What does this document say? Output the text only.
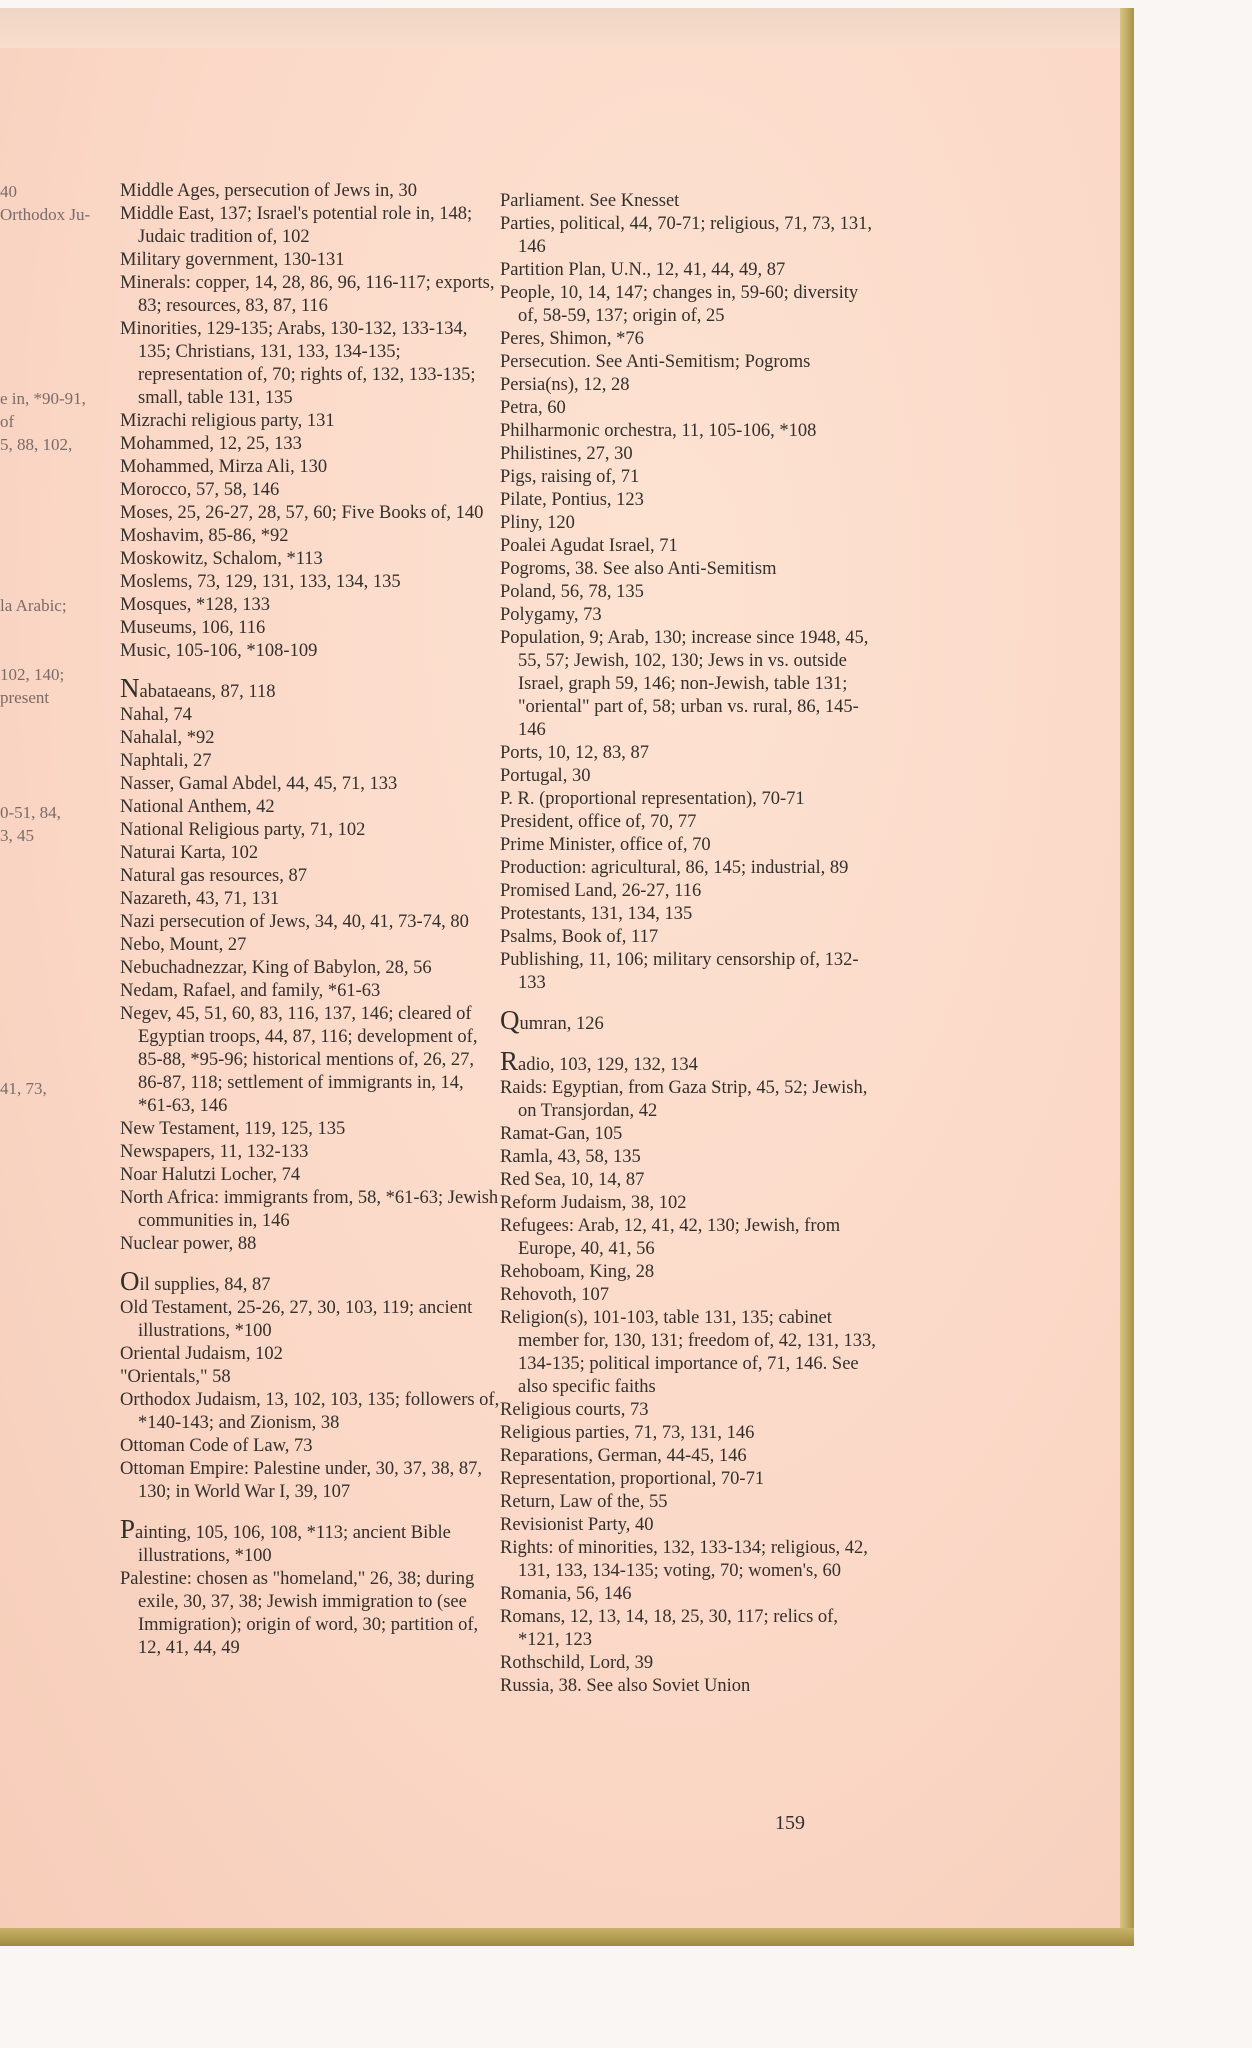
40
Orthodox Ju-
e in, *90-91,
of
5, 88, 102,
la Arabic;
102, 140;
present
0-51, 84,
3, 45
41, 73,
Middle Ages, persecution of Jews in, 30
Middle East, 137; Israel's potential role in, 148; Judaic tradition of, 102
Military government, 130-131
Minerals: copper, 14, 28, 86, 96, 116-117; exports, 83; resources, 83, 87, 116
Minorities, 129-135; Arabs, 130-132, 133-134, 135; Christians, 131, 133, 134-135; representation of, 70; rights of, 132, 133-135; small, table 131, 135
Mizrachi religious party, 131
Mohammed, 12, 25, 133
Mohammed, Mirza Ali, 130
Morocco, 57, 58, 146
Moses, 25, 26-27, 28, 57, 60; Five Books of, 140
Moshavim, 85-86, *92
Moskowitz, Schalom, *113
Moslems, 73, 129, 131, 133, 134, 135
Mosques, *128, 133
Museums, 106, 116
Music, 105-106, *108-109
Nabataeans, 87, 118
Nahal, 74
Nahalal, *92
Naphtali, 27
Nasser, Gamal Abdel, 44, 45, 71, 133
National Anthem, 42
National Religious party, 71, 102
Naturai Karta, 102
Natural gas resources, 87
Nazareth, 43, 71, 131
Nazi persecution of Jews, 34, 40, 41, 73-74, 80
Nebo, Mount, 27
Nebuchadnezzar, King of Babylon, 28, 56
Nedam, Rafael, and family, *61-63
Negev, 45, 51, 60, 83, 116, 137, 146; cleared of Egyptian troops, 44, 87, 116; development of, 85-88, *95-96; historical mentions of, 26, 27, 86-87, 118; settlement of immigrants in, 14, *61-63, 146
New Testament, 119, 125, 135
Newspapers, 11, 132-133
Noar Halutzi Locher, 74
North Africa: immigrants from, 58, *61-63; Jewish communities in, 146
Nuclear power, 88
Oil supplies, 84, 87
Old Testament, 25-26, 27, 30, 103, 119; ancient illustrations, *100
Oriental Judaism, 102
"Orientals," 58
Orthodox Judaism, 13, 102, 103, 135; followers of, *140-143; and Zionism, 38
Ottoman Code of Law, 73
Ottoman Empire: Palestine under, 30, 37, 38, 87, 130; in World War I, 39, 107
Painting, 105, 106, 108, *113; ancient Bible illustrations, *100
Palestine: chosen as "homeland," 26, 38; during exile, 30, 37, 38; Jewish immigration to (see Immigration); origin of word, 30; partition of, 12, 41, 44, 49
Parliament. See Knesset
Parties, political, 44, 70-71; religious, 71, 73, 131, 146
Partition Plan, U.N., 12, 41, 44, 49, 87
People, 10, 14, 147; changes in, 59-60; diversity of, 58-59, 137; origin of, 25
Peres, Shimon, *76
Persecution. See Anti-Semitism; Pogroms
Persia(ns), 12, 28
Petra, 60
Philharmonic orchestra, 11, 105-106, *108
Philistines, 27, 30
Pigs, raising of, 71
Pilate, Pontius, 123
Pliny, 120
Poalei Agudat Israel, 71
Pogroms, 38. See also Anti-Semitism
Poland, 56, 78, 135
Polygamy, 73
Population, 9; Arab, 130; increase since 1948, 45, 55, 57; Jewish, 102, 130; Jews in vs. outside Israel, graph 59, 146; non-Jewish, table 131; "oriental" part of, 58; urban vs. rural, 86, 145-146
Ports, 10, 12, 83, 87
Portugal, 30
P. R. (proportional representation), 70-71
President, office of, 70, 77
Prime Minister, office of, 70
Production: agricultural, 86, 145; industrial, 89
Promised Land, 26-27, 116
Protestants, 131, 134, 135
Psalms, Book of, 117
Publishing, 11, 106; military censorship of, 132-133
Qumran, 126
Radio, 103, 129, 132, 134
Raids: Egyptian, from Gaza Strip, 45, 52; Jewish, on Transjordan, 42
Ramat-Gan, 105
Ramla, 43, 58, 135
Red Sea, 10, 14, 87
Reform Judaism, 38, 102
Refugees: Arab, 12, 41, 42, 130; Jewish, from Europe, 40, 41, 56
Rehoboam, King, 28
Rehovoth, 107
Religion(s), 101-103, table 131, 135; cabinet member for, 130, 131; freedom of, 42, 131, 133, 134-135; political importance of, 71, 146. See also specific faiths
Religious courts, 73
Religious parties, 71, 73, 131, 146
Reparations, German, 44-45, 146
Representation, proportional, 70-71
Return, Law of the, 55
Revisionist Party, 40
Rights: of minorities, 132, 133-134; religious, 42, 131, 133, 134-135; voting, 70; women's, 60
Romania, 56, 146
Romans, 12, 13, 14, 18, 25, 30, 117; relics of, *121, 123
Rothschild, Lord, 39
Russia, 38. See also Soviet Union
159
